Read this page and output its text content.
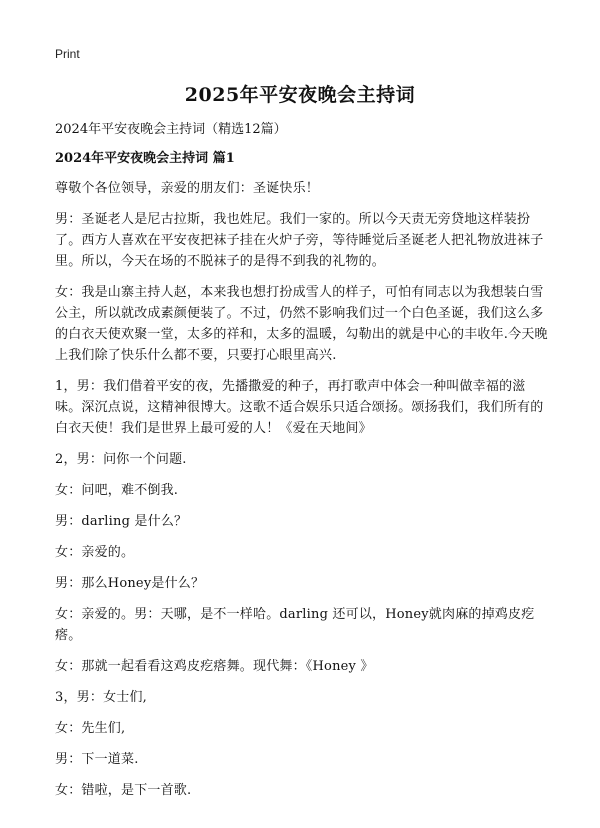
Print
2025年平安夜晚会主持词

2024年平安夜晚会主持词（精选12篇）

2024年平安夜晚会主持词 篇1

尊敬个各位领导，亲爱的朋友们：圣诞快乐！

男：圣诞老人是尼古拉斯，我也姓尼。我们一家的。所以今天责无旁贷地这样装扮了。西方人喜欢在平安夜把袜子挂在火炉子旁，等待睡觉后圣诞老人把礼物放进袜子里。所以，今天在场的不脱袜子的是得不到我的礼物的。

女：我是山寨主持人赵，本来我也想打扮成雪人的样子，可怕有同志以为我想装白雪公主，所以就改成素颜便装了。不过，仍然不影响我们过一个白色圣诞，我们这么多的白衣天使欢聚一堂，太多的祥和，太多的温暖，勾勒出的就是中心的丰收年.今天晚上我们除了快乐什么都不要，只要打心眼里高兴.

1，男：我们借着平安的夜，先播撒爱的种子，再打歌声中体会一种叫做幸福的滋味。深沉点说，这精神很博大。这歌不适合娱乐只适合颂扬。颂扬我们，我们所有的白衣天使！我们是世界上最可爱的人！《爱在天地间》

2，男：问你一个问题.

女：问吧，难不倒我.

男：darling 是什么？

女：亲爱的。

男：那么Honey是什么？

女：亲爱的。男：天哪，是不一样哈。darling 还可以，Honey就肉麻的掉鸡皮疙瘩。

女：那就一起看看这鸡皮疙瘩舞。现代舞：《Honey 》

3，男：女士们,

女：先生们,

男：下一道菜.

女：错啦，是下一首歌.
